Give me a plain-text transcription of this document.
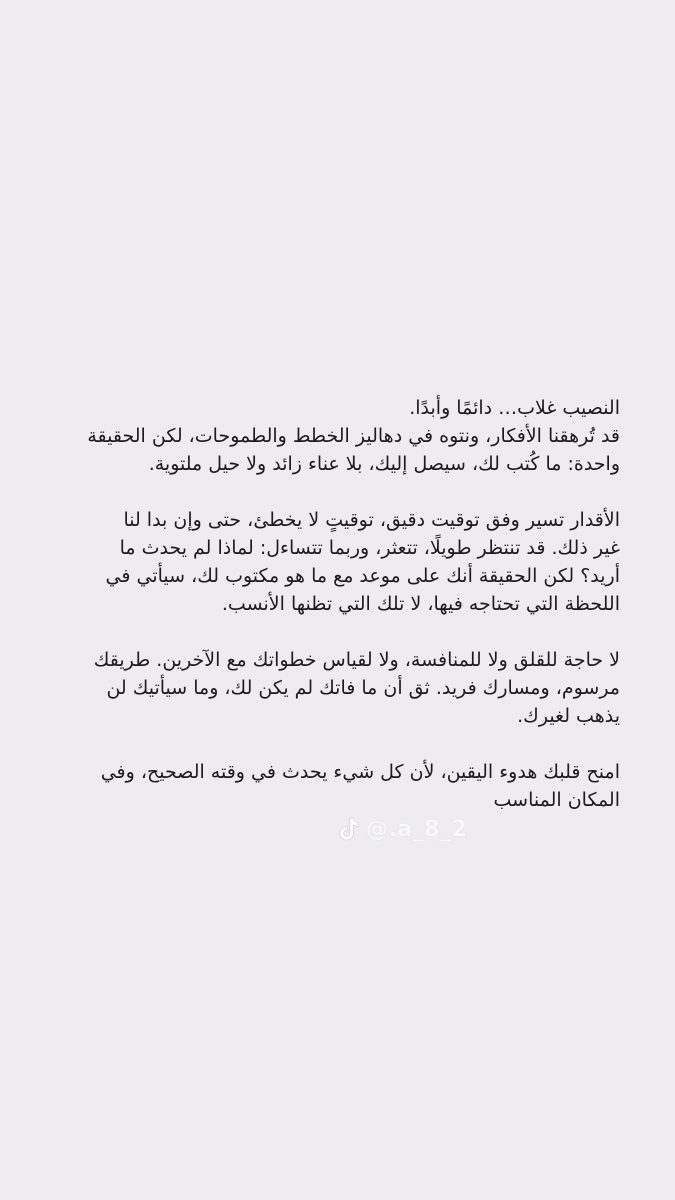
النصيب غلاب… دائمًا وأبدًا.
قد تُرهقنا الأفكار، ونتوه في دهاليز الخطط والطموحات، لكن الحقيقة
واحدة: ما كُتب لك، سيصل إليك، بلا عناء زائد ولا حيل ملتوية.

الأقدار تسير وفق توقيت دقيق، توقيتٍ لا يخطئ، حتى وإن بدا لنا
غير ذلك. قد تنتظر طويلًا، تتعثر، وربما تتساءل: لماذا لم يحدث ما
أريد؟ لكن الحقيقة أنك على موعد مع ما هو مكتوب لك، سيأتي في
اللحظة التي تحتاجه فيها، لا تلك التي تظنها الأنسب.

لا حاجة للقلق ولا للمنافسة، ولا لقياس خطواتك مع الآخرين. طريقك
مرسوم، ومسارك فريد. ثق أن ما فاتك لم يكن لك، وما سيأتيك لن
يذهب لغيرك.

امنح قلبك هدوء اليقين، لأن كل شيء يحدث في وقته الصحيح، وفي
المكان المناسب

@.a_8_2
